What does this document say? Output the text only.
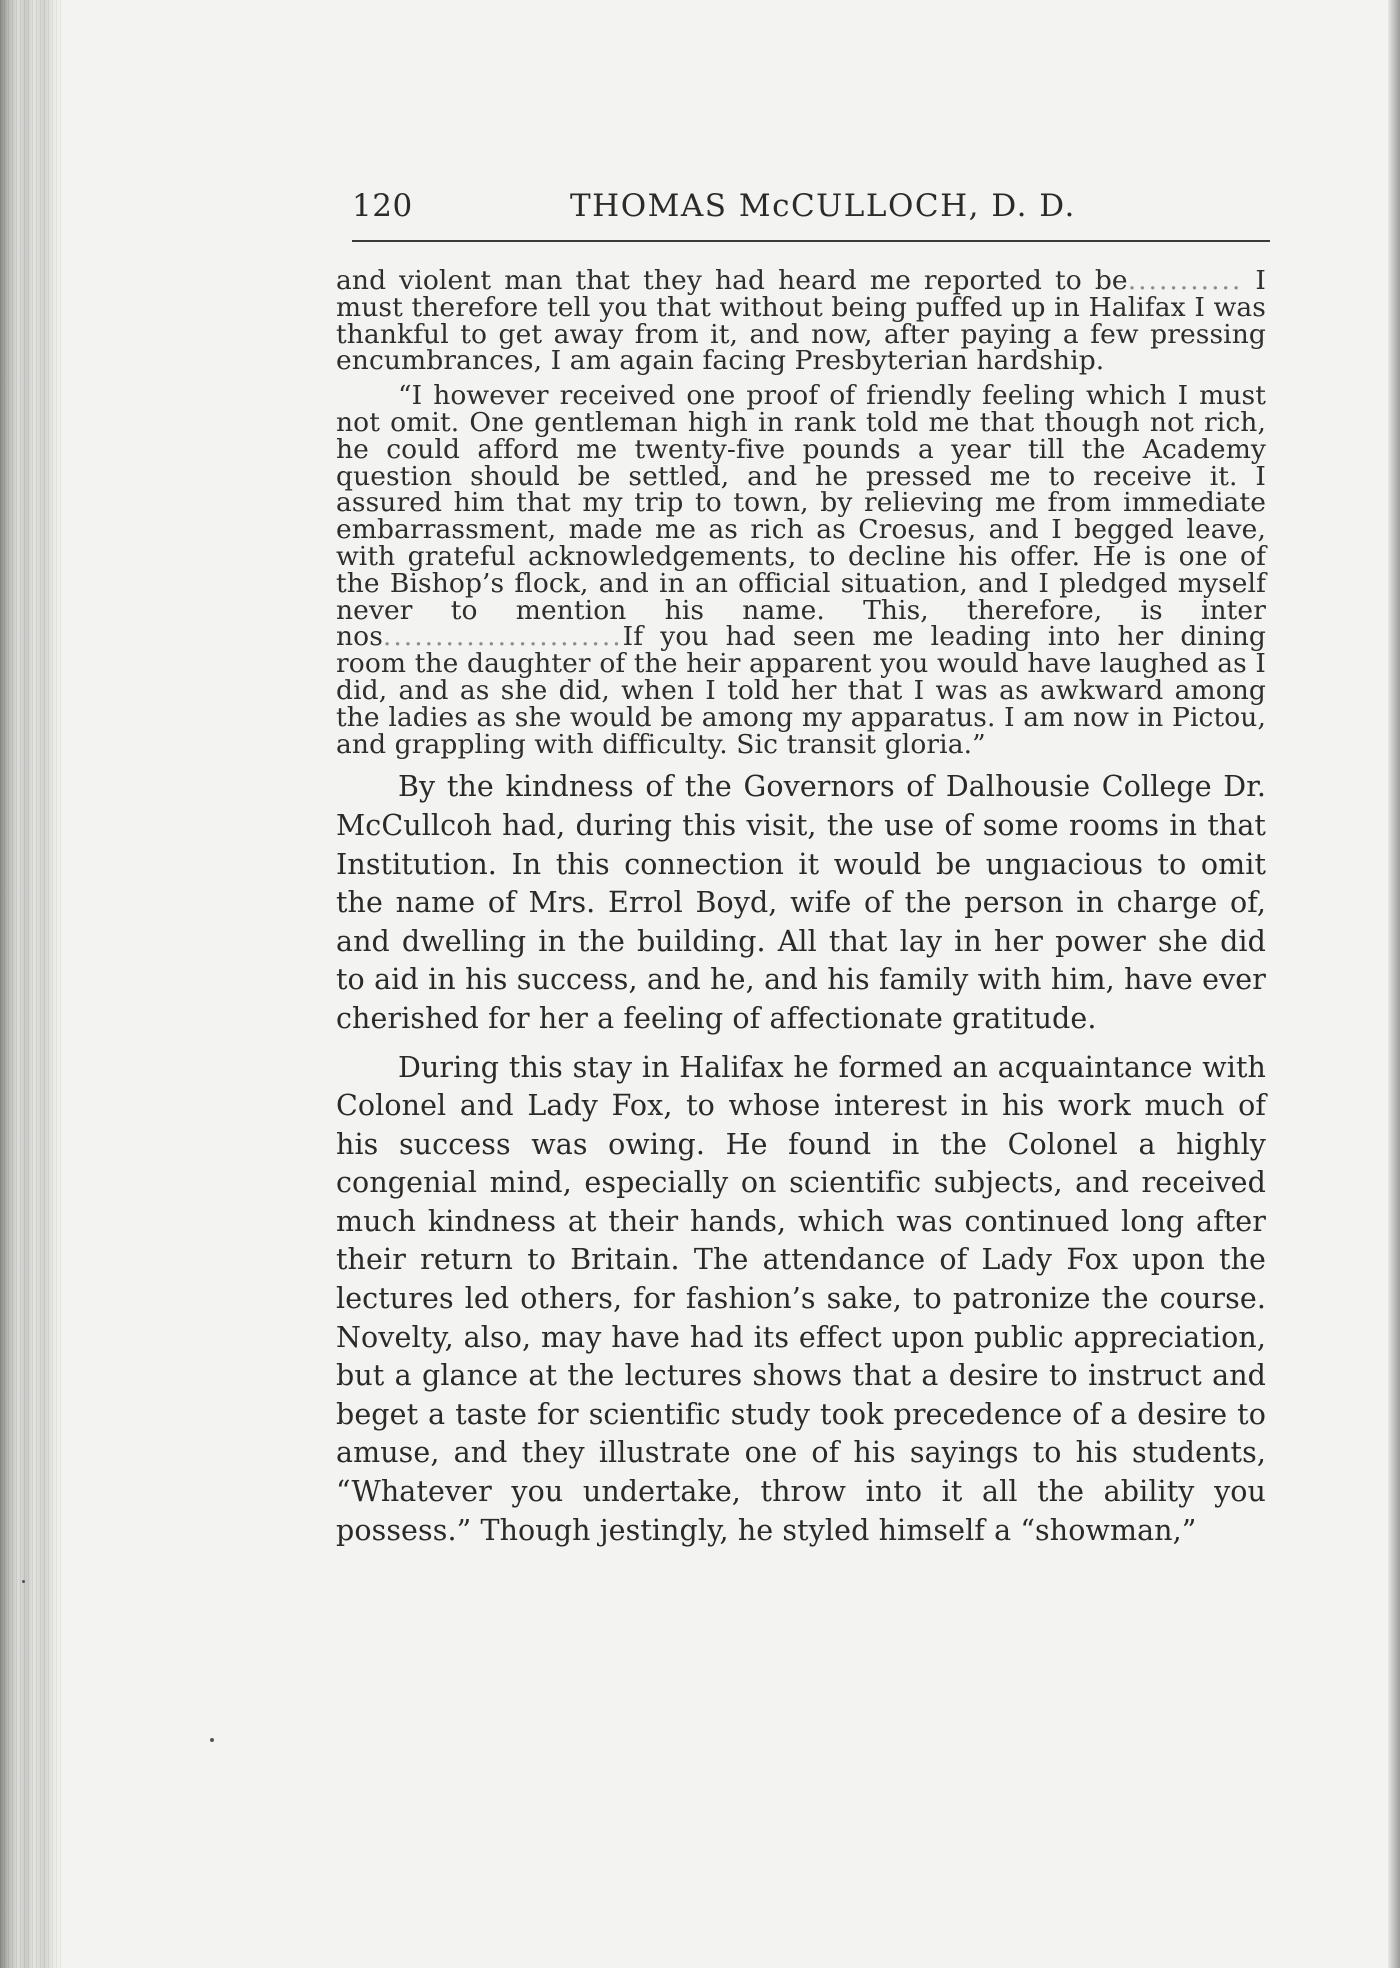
120	THOMAS McCULLOCH, D. D.

and violent man that they had heard me reported to be........... I must therefore tell you that without being puffed up in Halifax I was thankful to get away from it, and now, after paying a few pressing encumbrances, I am again facing Presbyterian hardship.

“I however received one proof of friendly feeling which I must not omit. One gentleman high in rank told me that though not rich, he could afford me twenty-five pounds a year till the Academy question should be settled, and he pressed me to receive it. I assured him that my trip to town, by relieving me from immediate embarrassment, made me as rich as Croesus, and I begged leave, with grateful acknowledgements, to decline his offer. He is one of the Bishop’s flock, and in an official situation, and I pledged myself never to mention his name. This, therefore, is inter nos.......................If you had seen me leading into her dining room the daughter of the heir apparent you would have laughed as I did, and as she did, when I told her that I was as awkward among the ladies as she would be among my apparatus. I am now in Pictou, and grappling with difficulty. Sic transit gloria.”

By the kindness of the Governors of Dalhousie College Dr. McCullcoh had, during this visit, the use of some rooms in that Institution. In this connection it would be ungıacious to omit the name of Mrs. Errol Boyd, wife of the person in charge of, and dwelling in the building. All that lay in her power she did to aid in his success, and he, and his family with him, have ever cherished for her a feeling of affectionate gratitude.

During this stay in Halifax he formed an acquaintance with Colonel and Lady Fox, to whose interest in his work much of his success was owing. He found in the Colonel a highly congenial mind, especially on scientific subjects, and received much kindness at their hands, which was continued long after their return to Britain. The attendance of Lady Fox upon the lectures led others, for fashion’s sake, to patronize the course. Novelty, also, may have had its effect upon public appreciation, but a glance at the lectures shows that a desire to instruct and beget a taste for scientific study took precedence of a desire to amuse, and they illustrate one of his sayings to his students, “Whatever you undertake, throw into it all the ability you possess.” Though jestingly, he styled himself a “showman,”
